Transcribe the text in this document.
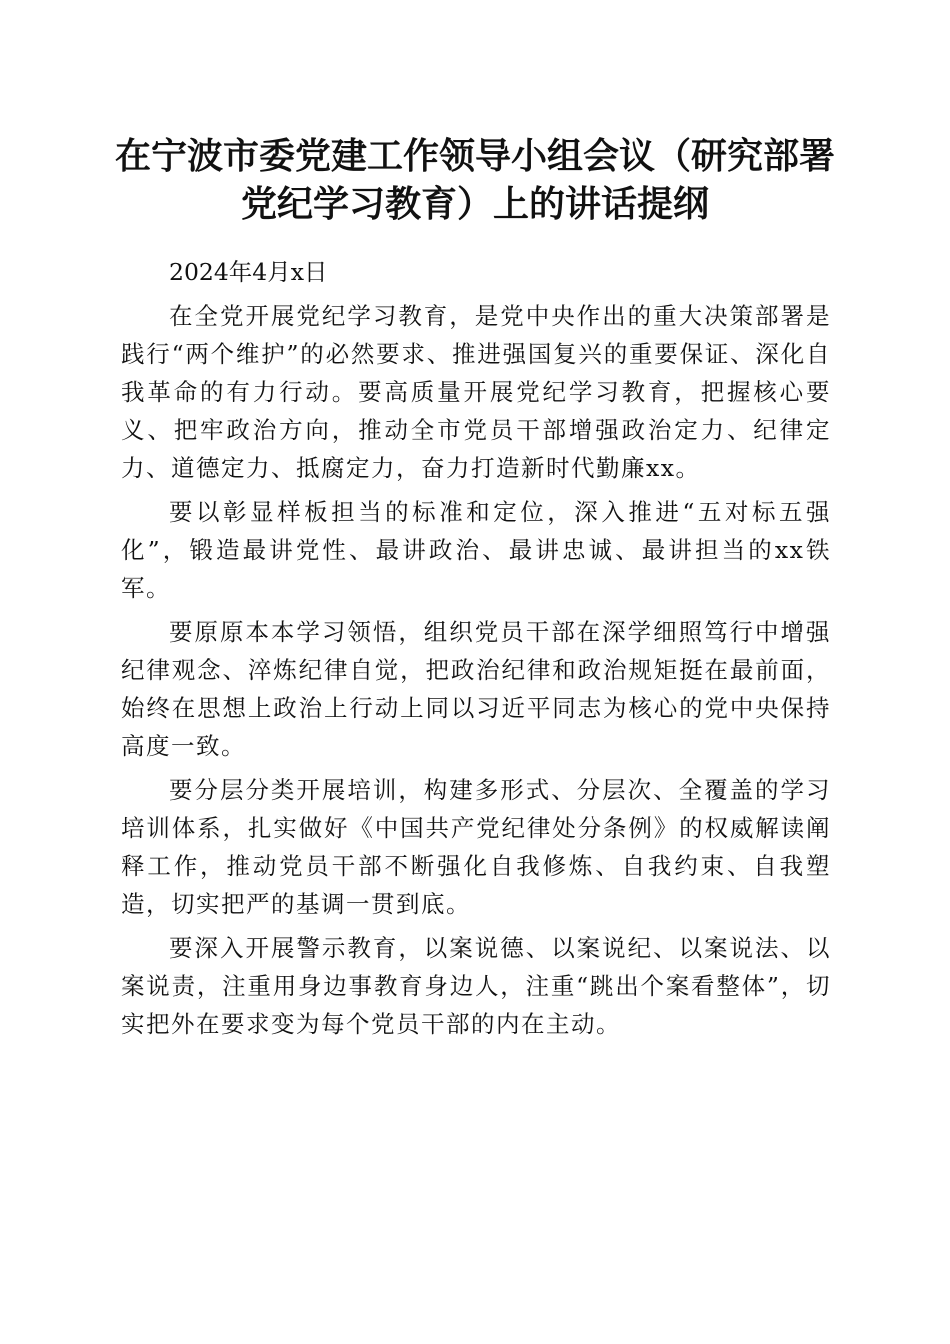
在宁波市委党建工作领导小组会议（研究部署
党纪学习教育）上的讲话提纲

2024年4月x日

在全党开展党纪学习教育，是党中央作出的重大决策部署是践行“两个维护”的必然要求、推进强国复兴的重要保证、深化自我革命的有力行动。要高质量开展党纪学习教育，把握核心要义、把牢政治方向，推动全市党员干部增强政治定力、纪律定力、道德定力、抵腐定力，奋力打造新时代勤廉xx。

要以彰显样板担当的标准和定位，深入推进“五对标五强化”，锻造最讲党性、最讲政治、最讲忠诚、最讲担当的xx铁军。

要原原本本学习领悟，组织党员干部在深学细照笃行中增强纪律观念、淬炼纪律自觉，把政治纪律和政治规矩挺在最前面，始终在思想上政治上行动上同以习近平同志为核心的党中央保持高度一致。

要分层分类开展培训，构建多形式、分层次、全覆盖的学习培训体系，扎实做好《中国共产党纪律处分条例》的权威解读阐释工作，推动党员干部不断强化自我修炼、自我约束、自我塑造，切实把严的基调一贯到底。

要深入开展警示教育，以案说德、以案说纪、以案说法、以案说责，注重用身边事教育身边人，注重“跳出个案看整体”，切实把外在要求变为每个党员干部的内在主动。
